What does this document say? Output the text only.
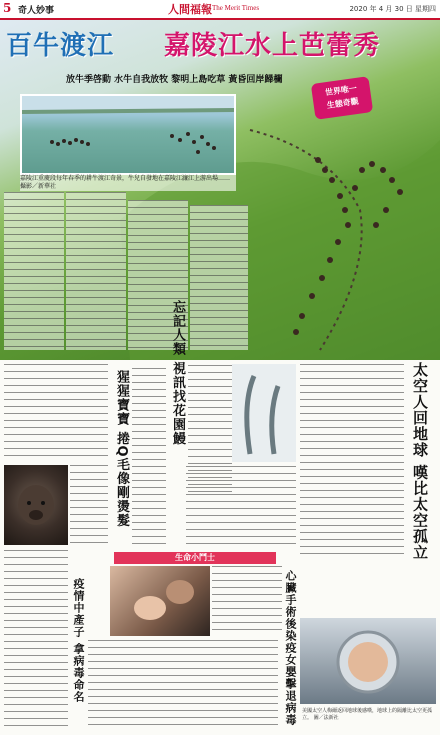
5 奇人妙事	人間福報 The Merit Times	2020 年 4 月 30 日 星期四
百牛渡江 嘉陵江水上芭蕾秀
放牛季啓動 水牛自我放牧 黎明上島吃草 黃昏回岸歸欄
世界唯一
生態奇觀
嘉陵江重慶段每年春季的耕牛渡江奇景，牛兒自發地在嘉陵江濂江上游出場…… 攝影／新華社
猩猩寶寶 捲Q毛像剛燙髮	忘記人類 視訊找花園鰻	太空人回地球 嘆比太空孤立
生命小鬥士
疫情中產子 拿病毒命名	心臟手術後染疫女嬰擊退病毒 美國太空人梅爾返回地球後感嘆，地球上的隔離比太空更孤立。 圖／法新社
